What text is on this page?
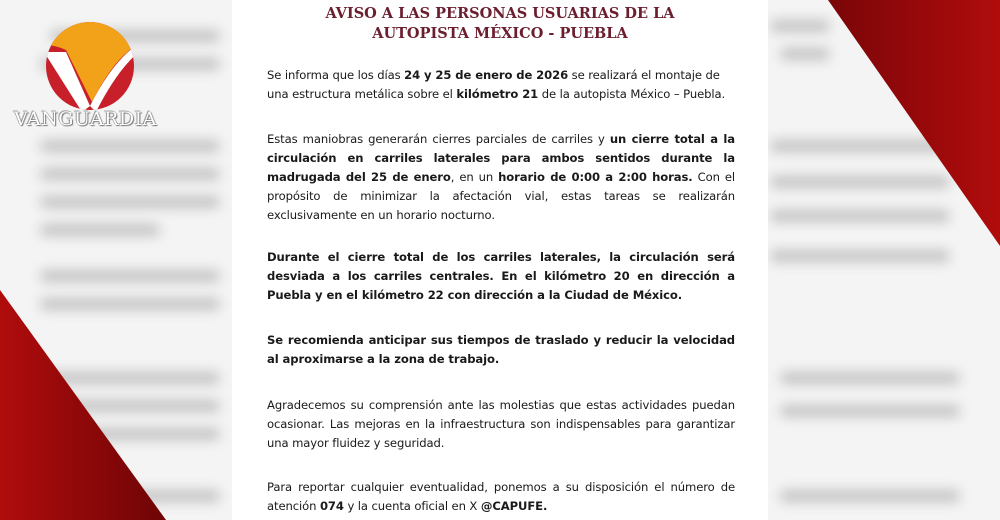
VANGUARDIA
AVISO A LAS PERSONAS USUARIAS DE LA
AUTOPISTA MÉXICO - PUEBLA

Se informa que los días 24 y 25 de enero de 2026 se realizará el montaje de una estructura metálica sobre el kilómetro 21 de la autopista México – Puebla.

Estas maniobras generarán cierres parciales de carriles y un cierre total a la circulación en carriles laterales para ambos sentidos durante la madrugada del 25 de enero, en un horario de 0:00 a 2:00 horas. Con el propósito de minimizar la afectación vial, estas tareas se realizarán exclusivamente en un horario nocturno.

Durante el cierre total de los carriles laterales, la circulación será desviada a los carriles centrales. En el kilómetro 20 en dirección a Puebla y en el kilómetro 22 con dirección a la Ciudad de México.

Se recomienda anticipar sus tiempos de traslado y reducir la velocidad al aproximarse a la zona de trabajo.

Agradecemos su comprensión ante las molestias que estas actividades puedan ocasionar. Las mejoras en la infraestructura son indispensables para garantizar una mayor fluidez y seguridad.

Para reportar cualquier eventualidad, ponemos a su disposición el número de atención 074 y la cuenta oficial en X @CAPUFE.
